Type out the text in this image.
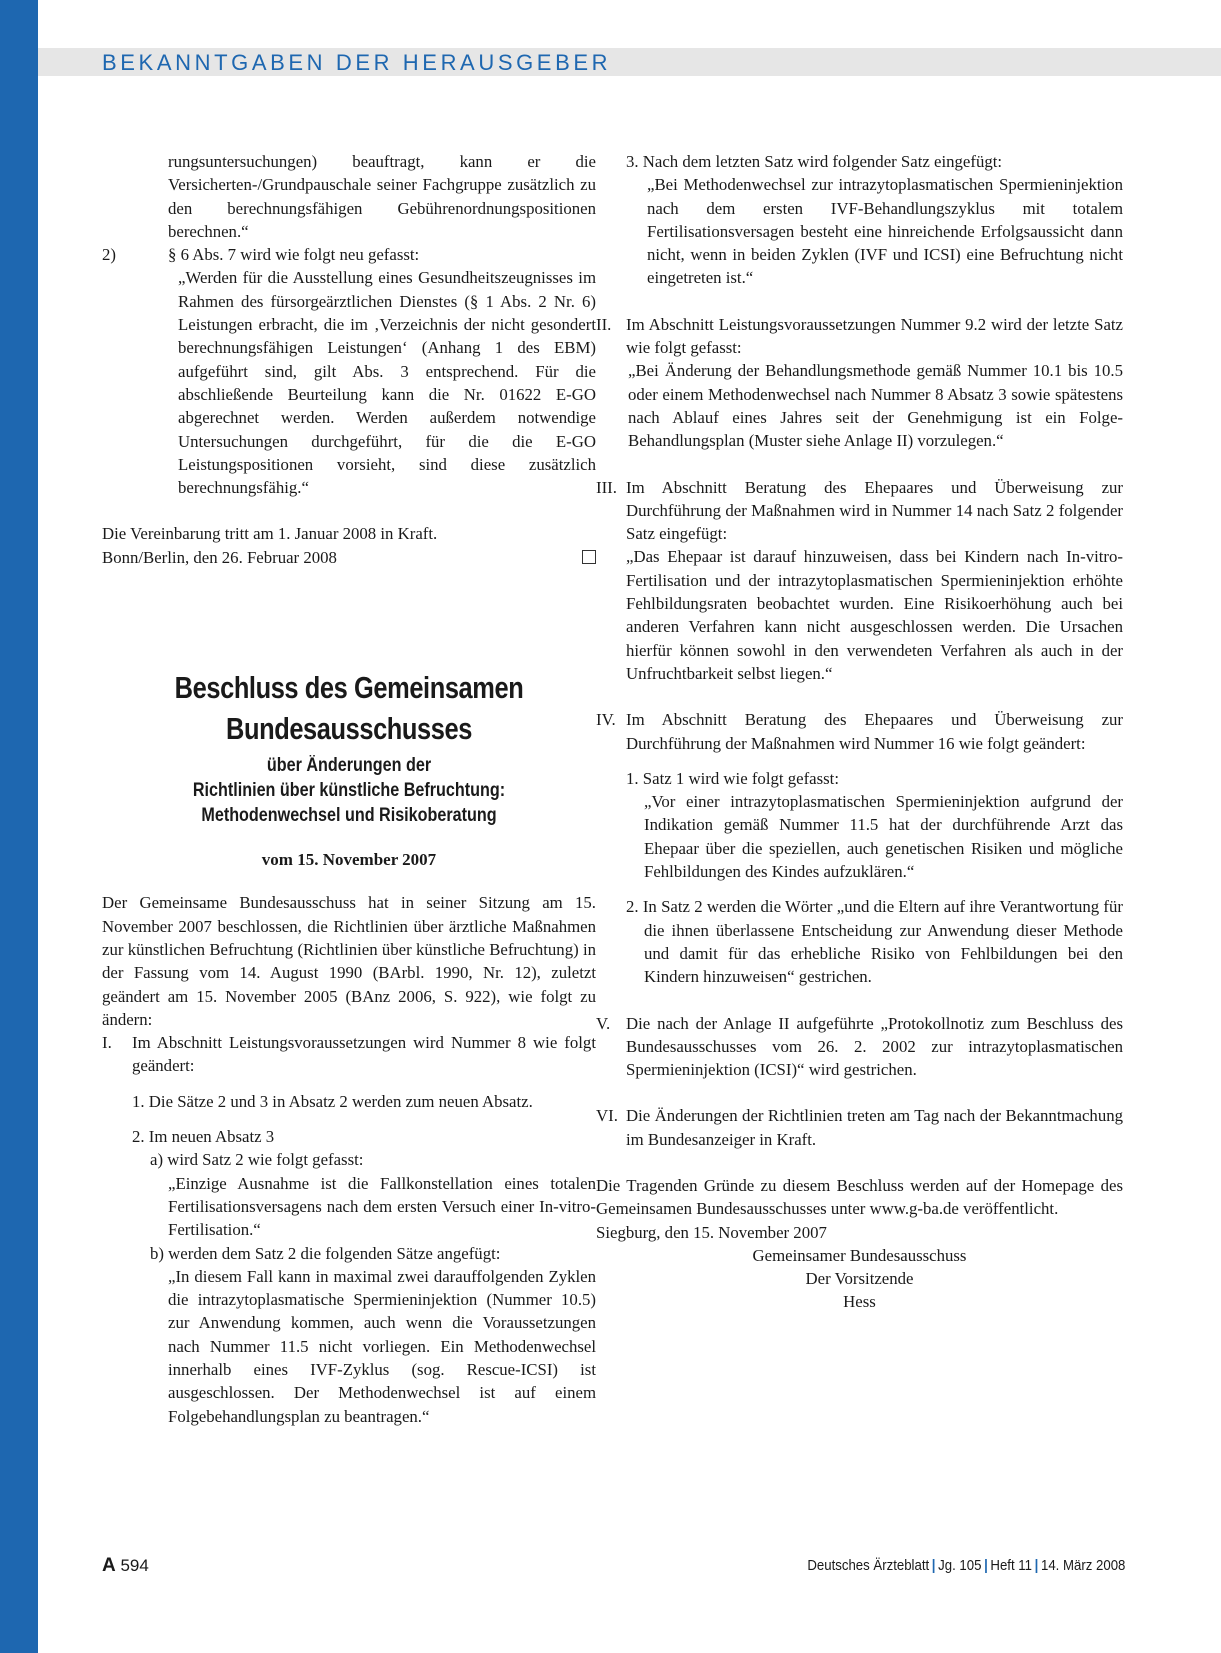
BEKANNTGABEN DER HERAUSGEBER

rungsuntersuchungen) beauftragt, kann er die Versicherten-/Grundpauschale seiner Fachgruppe zusätzlich zu den berechnungsfähigen Gebührenordnungspositionen berechnen.“

2)	§ 6 Abs. 7 wird wie folgt neu gefasst:

„Werden für die Ausstellung eines Gesundheitszeugnisses im Rahmen des fürsorgeärztlichen Dienstes (§ 1 Abs. 2 Nr. 6) Leistungen erbracht, die im ‚Verzeichnis der nicht gesondert berechnungsfähigen Leistungen‘ (Anhang 1 des EBM) aufgeführt sind, gilt Abs. 3 entsprechend. Für die abschließende Beurteilung kann die Nr. 01622 E-GO abgerechnet werden. Werden außerdem notwendige Untersuchungen durchgeführt, für die die E-GO Leistungspositionen vorsieht, sind diese zusätzlich berechnungsfähig.“

Die Vereinbarung tritt am 1. Januar 2008 in Kraft.

Bonn/Berlin, den 26. Februar 2008

Beschluss des Gemeinsamen

Bundesausschusses

über Änderungen der

Richtlinien über künstliche Befruchtung:

Methodenwechsel und Risikoberatung

vom 15. November 2007

Der Gemeinsame Bundesausschuss hat in seiner Sitzung am 15. November 2007 beschlossen, die Richtlinien über ärztliche Maßnahmen zur künstlichen Befruchtung (Richtlinien über künstliche Befruchtung) in der Fassung vom 14. August 1990 (BArbl. 1990, Nr. 12), zuletzt geändert am 15. November 2005 (BAnz 2006, S. 922), wie folgt zu ändern:

I. Im Abschnitt Leistungsvoraussetzungen wird Nummer 8 wie folgt geändert:

1. Die Sätze 2 und 3 in Absatz 2 werden zum neuen Absatz.

2. Im neuen Absatz 3

a) wird Satz 2 wie folgt gefasst:

„Einzige Ausnahme ist die Fallkonstellation eines totalen Fertilisationsversagens nach dem ersten Versuch einer In-vitro-Fertilisation.“

b) werden dem Satz 2 die folgenden Sätze angefügt:

„In diesem Fall kann in maximal zwei darauffolgenden Zyklen die intrazytoplasmatische Spermieninjektion (Nummer 10.5) zur Anwendung kommen, auch wenn die Voraussetzungen nach Nummer 11.5 nicht vorliegen. Ein Methodenwechsel innerhalb eines IVF-Zyklus (sog. Rescue-ICSI) ist ausgeschlossen. Der Methodenwechsel ist auf einem Folgebehandlungsplan zu beantragen.“

3. Nach dem letzten Satz wird folgender Satz eingefügt:

„Bei Methodenwechsel zur intrazytoplasmatischen Spermieninjektion nach dem ersten IVF-Behandlungszyklus mit totalem Fertilisationsversagen besteht eine hinreichende Erfolgsaussicht dann nicht, wenn in beiden Zyklen (IVF und ICSI) eine Befruchtung nicht eingetreten ist.“

II. Im Abschnitt Leistungsvoraussetzungen Nummer 9.2 wird der letzte Satz wie folgt gefasst:

„Bei Änderung der Behandlungsmethode gemäß Nummer 10.1 bis 10.5 oder einem Methodenwechsel nach Nummer 8 Absatz 3 sowie spätestens nach Ablauf eines Jahres seit der Genehmigung ist ein Folge-Behandlungsplan (Muster siehe Anlage II) vorzulegen.“

III. Im Abschnitt Beratung des Ehepaares und Überweisung zur Durchführung der Maßnahmen wird in Nummer 14 nach Satz 2 folgender Satz eingefügt:

„Das Ehepaar ist darauf hinzuweisen, dass bei Kindern nach In-vitro-Fertilisation und der intrazytoplasmatischen Spermieninjektion erhöhte Fehlbildungsraten beobachtet wurden. Eine Risikoerhöhung auch bei anderen Verfahren kann nicht ausgeschlossen werden. Die Ursachen hierfür können sowohl in den verwendeten Verfahren als auch in der Unfruchtbarkeit selbst liegen.“

IV. Im Abschnitt Beratung des Ehepaares und Überweisung zur Durchführung der Maßnahmen wird Nummer 16 wie folgt geändert:

1. Satz 1 wird wie folgt gefasst:

„Vor einer intrazytoplasmatischen Spermieninjektion aufgrund der Indikation gemäß Nummer 11.5 hat der durchführende Arzt das Ehepaar über die speziellen, auch genetischen Risiken und mögliche Fehlbildungen des Kindes aufzuklären.“

2. In Satz 2 werden die Wörter „und die Eltern auf ihre Verantwortung für die ihnen überlassene Entscheidung zur Anwendung dieser Methode und damit für das erhebliche Risiko von Fehlbildungen bei den Kindern hinzuweisen“ gestrichen.

V. Die nach der Anlage II aufgeführte „Protokollnotiz zum Beschluss des Bundesausschusses vom 26. 2. 2002 zur intrazytoplasmatischen Spermieninjektion (ICSI)“ wird gestrichen.

VI. Die Änderungen der Richtlinien treten am Tag nach der Bekanntmachung im Bundesanzeiger in Kraft.

Die Tragenden Gründe zu diesem Beschluss werden auf der Homepage des Gemeinsamen Bundesausschusses unter www.g-ba.de veröffentlicht.

Siegburg, den 15. November 2007

Gemeinsamer Bundesausschuss

Der Vorsitzende

Hess

A 594	Deutsches Ärzteblatt | Jg. 105 | Heft 11 | 14. März 2008
